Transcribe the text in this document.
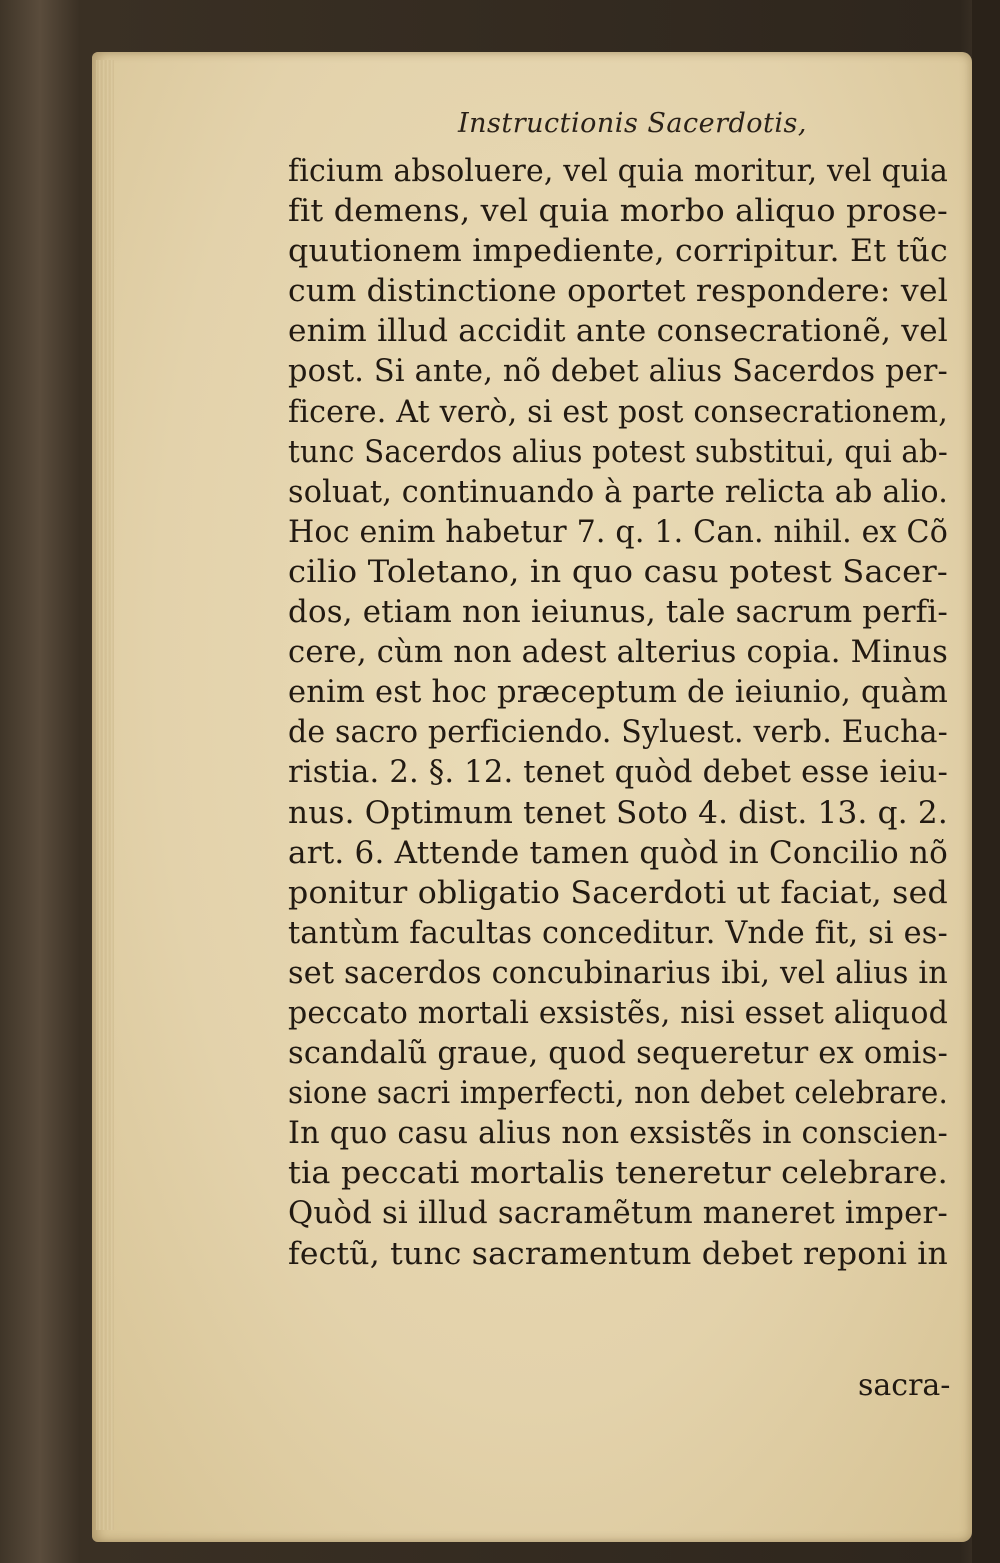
Instructionis Sacerdotis,
ficium absoluere, vel quia moritur, vel quia
fit demens, vel quia morbo aliquo prose-
quutionem impediente, corripitur. Et tũc
cum distinctione oportet respondere: vel
enim illud accidit ante consecrationẽ, vel
post. Si ante, nõ debet alius Sacerdos per-
ficere. At verò, si est post consecrationem,
tunc Sacerdos alius potest substitui, qui ab-
soluat, continuando à parte relicta ab alio.
Hoc enim habetur 7. q. 1. Can. nihil. ex Cõ
cilio Toletano, in quo casu potest Sacer-
dos, etiam non ieiunus, tale sacrum perfi-
cere, cùm non adest alterius copia. Minus
enim est hoc præceptum de ieiunio, quàm
de sacro perficiendo. Syluest. verb. Eucha-
ristia. 2. §. 12. tenet quòd debet esse ieiu-
nus. Optimum tenet Soto 4. dist. 13. q. 2.
art. 6. Attende tamen quòd in Concilio nõ
ponitur obligatio Sacerdoti ut faciat, sed
tantùm facultas conceditur. Vnde fit, si es-
set sacerdos concubinarius ibi, vel alius in
peccato mortali exsistẽs, nisi esset aliquod
scandalũ graue, quod sequeretur ex omis-
sione sacri imperfecti, non debet celebrare.
In quo casu alius non exsistẽs in conscien-
tia peccati mortalis teneretur celebrare.
Quòd si illud sacramẽtum maneret imper-
fectũ, tunc sacramentum debet reponi in
sacra-
